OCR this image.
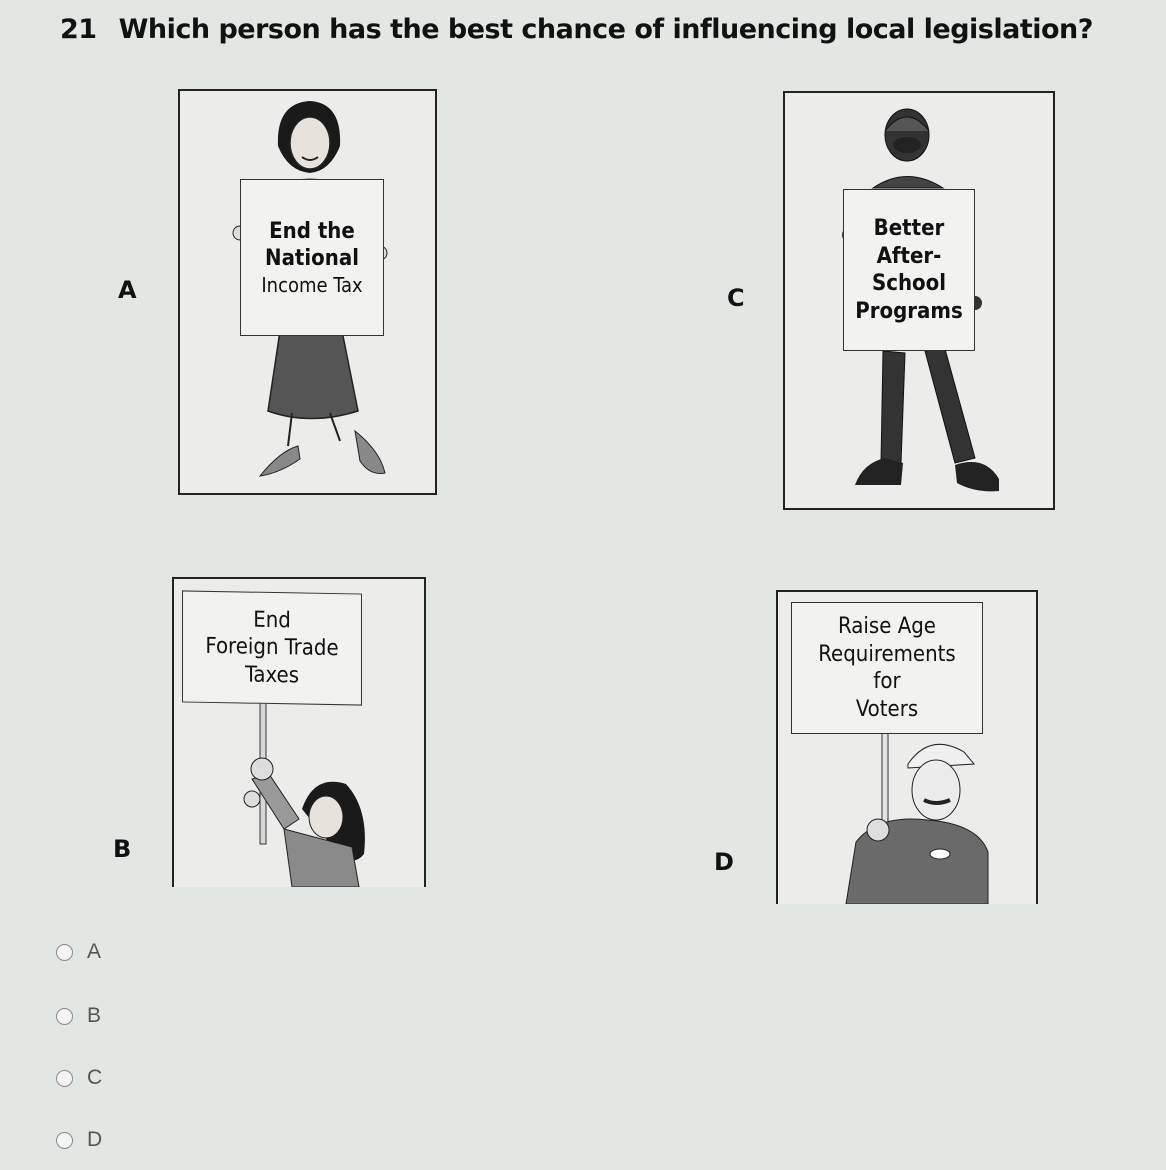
21 Which person has the best chance of influencing local legislation?
A
End the
National
Income Tax	C
Better
After-
School
Programs
B
End
Foreign Trade
Taxes
D
Raise Age
Requirements
for
Voters
A
B
C
D
